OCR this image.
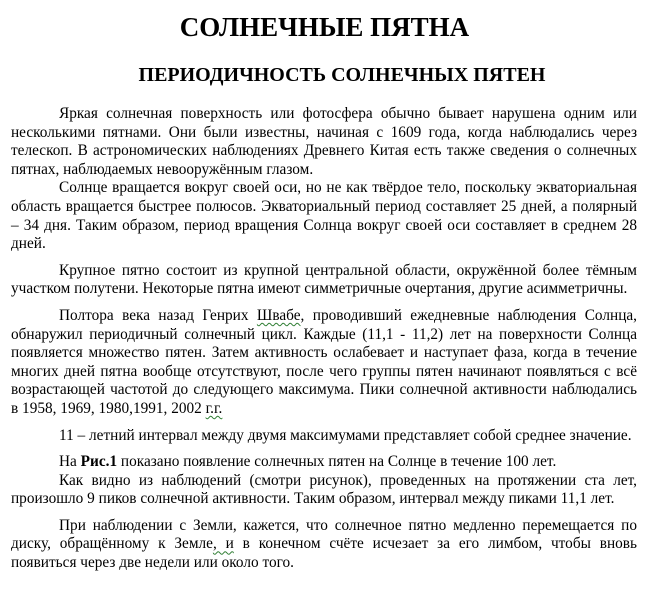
СОЛНЕЧНЫЕ ПЯТНА
ПЕРИОДИЧНОСТЬ СОЛНЕЧНЫХ ПЯТЕН

Яркая солнечная поверхность или фотосфера обычно бывает нарушена одним или несколькими пятнами. Они были известны, начиная с 1609 года, когда наблюдались через телескоп. В астрономических наблюдениях Древнего Китая есть также сведения о солнечных пятнах, наблюдаемых невооружённым глазом.

Солнце вращается вокруг своей оси, но не как твёрдое тело, поскольку экваториальная область вращается быстрее полюсов. Экваториальный период составляет 25 дней, а полярный – 34 дня. Таким образом, период вращения Солнца вокруг своей оси составляет в среднем 28 дней.

Крупное пятно состоит из крупной центральной области, окружённой более тёмным участком полутени. Некоторые пятна имеют симметричные очертания, другие асимметричны.

Полтора века назад Генрих Швабе, проводивший ежедневные наблюдения Солнца, обнаружил периодичный солнечный цикл. Каждые (11,1 - 11,2) лет на поверхности Солнца появляется множество пятен. Затем активность ослабевает и наступает фаза, когда в течение многих дней пятна вообще отсутствуют, после чего группы пятен начинают появляться с всё возрастающей частотой до следующего максимума. Пики солнечной активности наблюдались в 1958, 1969, 1980,1991, 2002 г.г.

11 – летний интервал между двумя максимумами представляет собой среднее значение.

На Рис.1 показано появление солнечных пятен на Солнце в течение 100 лет.

Как видно из наблюдений (смотри рисунок), проведенных на протяжении ста лет, произошло 9 пиков солнечной активности. Таким образом, интервал между пиками 11,1 лет.

При наблюдении с Земли, кажется, что солнечное пятно медленно перемещается по диску, обращённому к Земле, и в конечном счёте исчезает за его лимбом, чтобы вновь появиться через две недели или около того.
